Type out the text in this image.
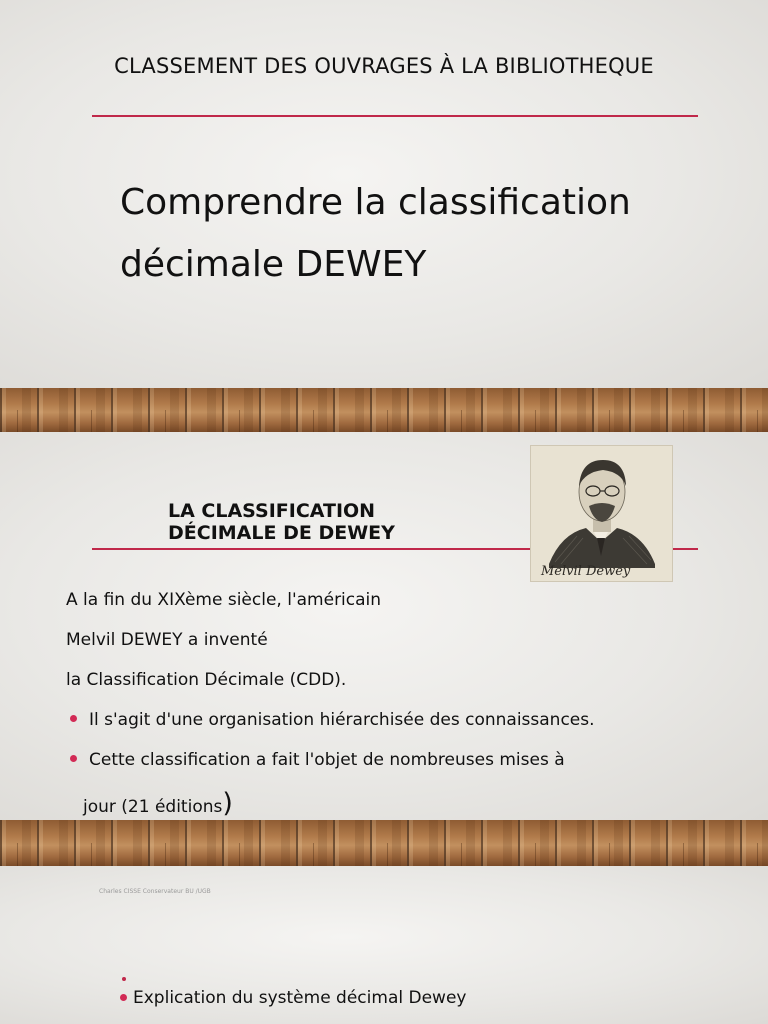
CLASSEMENT DES OUVRAGES À LA BIBLIOTHEQUE
Comprendre la classification
décimale DEWEY
LA CLASSIFICATION
DÉCIMALE DE DEWEY
Melvil Dewey
A la fin du XIXème siècle, l'américain
Melvil DEWEY a inventé
la Classification Décimale (CDD).
Il s'agit d'une organisation hiérarchisée des connaissances.
Cette classification a fait l'objet de nombreuses mises à
jour (21 éditions)
Charles CISSE Conservateur BU /UGB
Explication du système décimal Dewey
